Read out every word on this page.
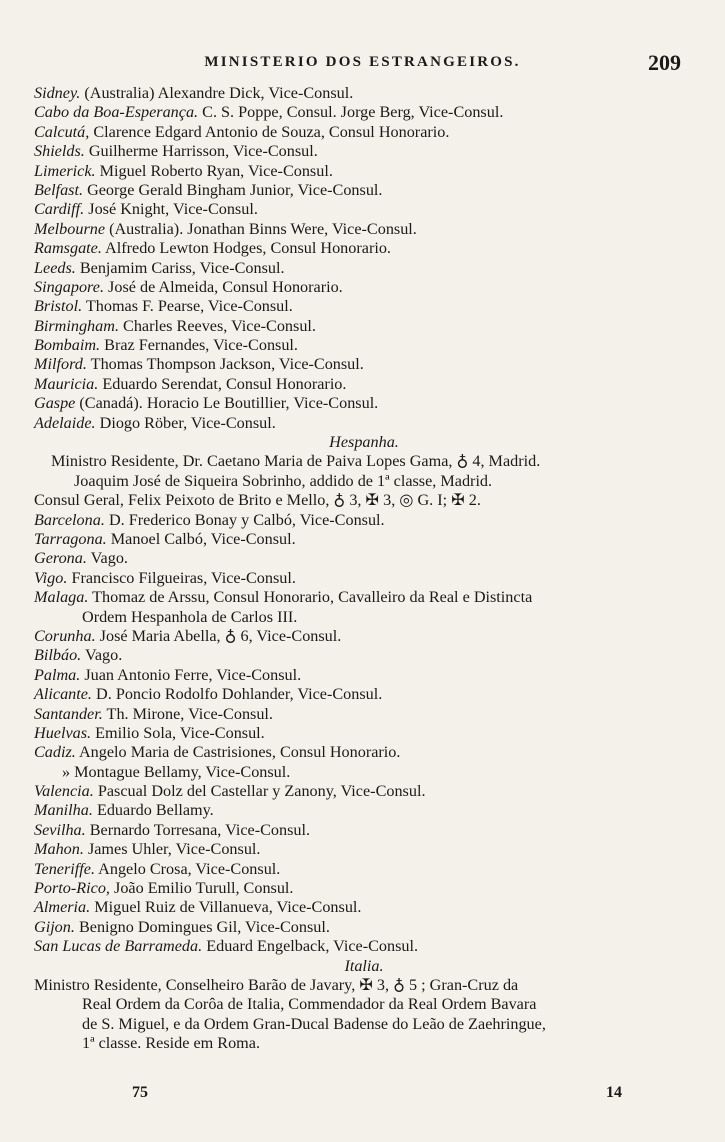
MINISTERIO DOS ESTRANGEIROS.	209
Sidney. (Australia) Alexandre Dick, Vice-Consul.
Cabo da Boa-Esperança. C. S. Poppe, Consul. Jorge Berg, Vice-Consul.
Calcutá, Clarence Edgard Antonio de Souza, Consul Honorario.
Shields. Guilherme Harrisson, Vice-Consul.
Limerick. Miguel Roberto Ryan, Vice-Consul.
Belfast. George Gerald Bingham Junior, Vice-Consul.
Cardiff. José Knight, Vice-Consul.
Melbourne (Australia). Jonathan Binns Were, Vice-Consul.
Ramsgate. Alfredo Lewton Hodges, Consul Honorario.
Leeds. Benjamim Cariss, Vice-Consul.
Singapore. José de Almeida, Consul Honorario.
Bristol. Thomas F. Pearse, Vice-Consul.
Birmingham. Charles Reeves, Vice-Consul.
Bombaim. Braz Fernandes, Vice-Consul.
Milford. Thomas Thompson Jackson, Vice-Consul.
Mauricia. Eduardo Serendat, Consul Honorario.
Gaspe (Canadá). Horacio Le Boutillier, Vice-Consul.
Adelaide. Diogo Röber, Vice-Consul.
Hespanha.
Ministro Residente, Dr. Caetano Maria de Paiva Lopes Gama, ♁ 4, Madrid.
Joaquim José de Siqueira Sobrinho, addido de 1ª classe, Madrid.
Consul Geral, Felix Peixoto de Brito e Mello, ♁ 3, ✠ 3, ◎ G. I; ✠ 2.
Barcelona. D. Frederico Bonay y Calbó, Vice-Consul.
Tarragona. Manoel Calbó, Vice-Consul.
Gerona. Vago.
Vigo. Francisco Filgueiras, Vice-Consul.
Malaga. Thomaz de Arssu, Consul Honorario, Cavalleiro da Real e Distincta
Ordem Hespanhola de Carlos III.
Corunha. José Maria Abella, ♁ 6, Vice-Consul.
Bilbáo. Vago.
Palma. Juan Antonio Ferre, Vice-Consul.
Alicante. D. Poncio Rodolfo Dohlander, Vice-Consul.
Santander. Th. Mirone, Vice-Consul.
Huelvas. Emilio Sola, Vice-Consul.
Cadiz. Angelo Maria de Castrisiones, Consul Honorario.
» Montague Bellamy, Vice-Consul.
Valencia. Pascual Dolz del Castellar y Zanony, Vice-Consul.
Manilha. Eduardo Bellamy.
Sevilha. Bernardo Torresana, Vice-Consul.
Mahon. James Uhler, Vice-Consul.
Teneriffe. Angelo Crosa, Vice-Consul.
Porto-Rico, João Emilio Turull, Consul.
Almeria. Miguel Ruiz de Villanueva, Vice-Consul.
Gijon. Benigno Domingues Gil, Vice-Consul.
San Lucas de Barrameda. Eduard Engelback, Vice-Consul.
Italia.
Ministro Residente, Conselheiro Barão de Javary, ✠ 3, ♁ 5 ; Gran-Cruz da
Real Ordem da Corôa de Italia, Commendador da Real Ordem Bavara
de S. Miguel, e da Ordem Gran-Ducal Badense do Leão de Zaehringue,
1ª classe. Reside em Roma.
75	14
